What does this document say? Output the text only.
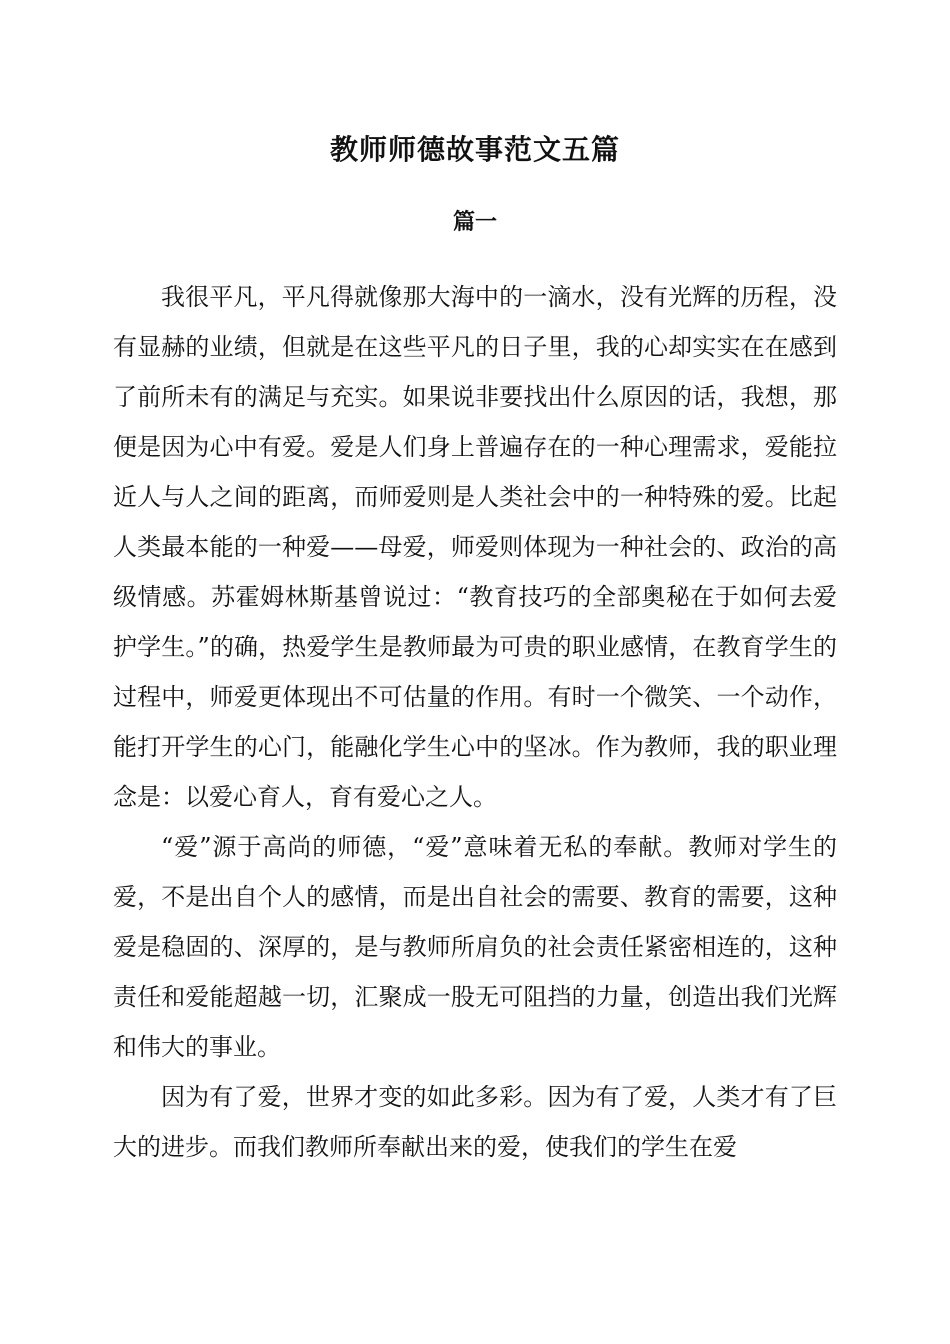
教师师德故事范文五篇
篇一

我很平凡，平凡得就像那大海中的一滴水，没有光辉的历程，没有显赫的业绩，但就是在这些平凡的日子里，我的心却实实在在感到了前所未有的满足与充实。如果说非要找出什么原因的话，我想，那便是因为心中有爱。爱是人们身上普遍存在的一种心理需求，爱能拉近人与人之间的距离，而师爱则是人类社会中的一种特殊的爱。比起人类最本能的一种爱——母爱，师爱则体现为一种社会的、政治的高级情感。苏霍姆林斯基曾说过：“教育技巧的全部奥秘在于如何去爱护学生。”的确，热爱学生是教师最为可贵的职业感情，在教育学生的过程中，师爱更体现出不可估量的作用。有时一个微笑、一个动作，能打开学生的心门，能融化学生心中的坚冰。作为教师，我的职业理念是：以爱心育人，育有爱心之人。

“爱”源于高尚的师德，“爱”意味着无私的奉献。教师对学生的爱，不是出自个人的感情，而是出自社会的需要、教育的需要，这种爱是稳固的、深厚的，是与教师所肩负的社会责任紧密相连的，这种责任和爱能超越一切，汇聚成一股无可阻挡的力量，创造出我们光辉和伟大的事业。

因为有了爱，世界才变的如此多彩。因为有了爱，人类才有了巨大的进步。而我们教师所奉献出来的爱，使我们的学生在爱
